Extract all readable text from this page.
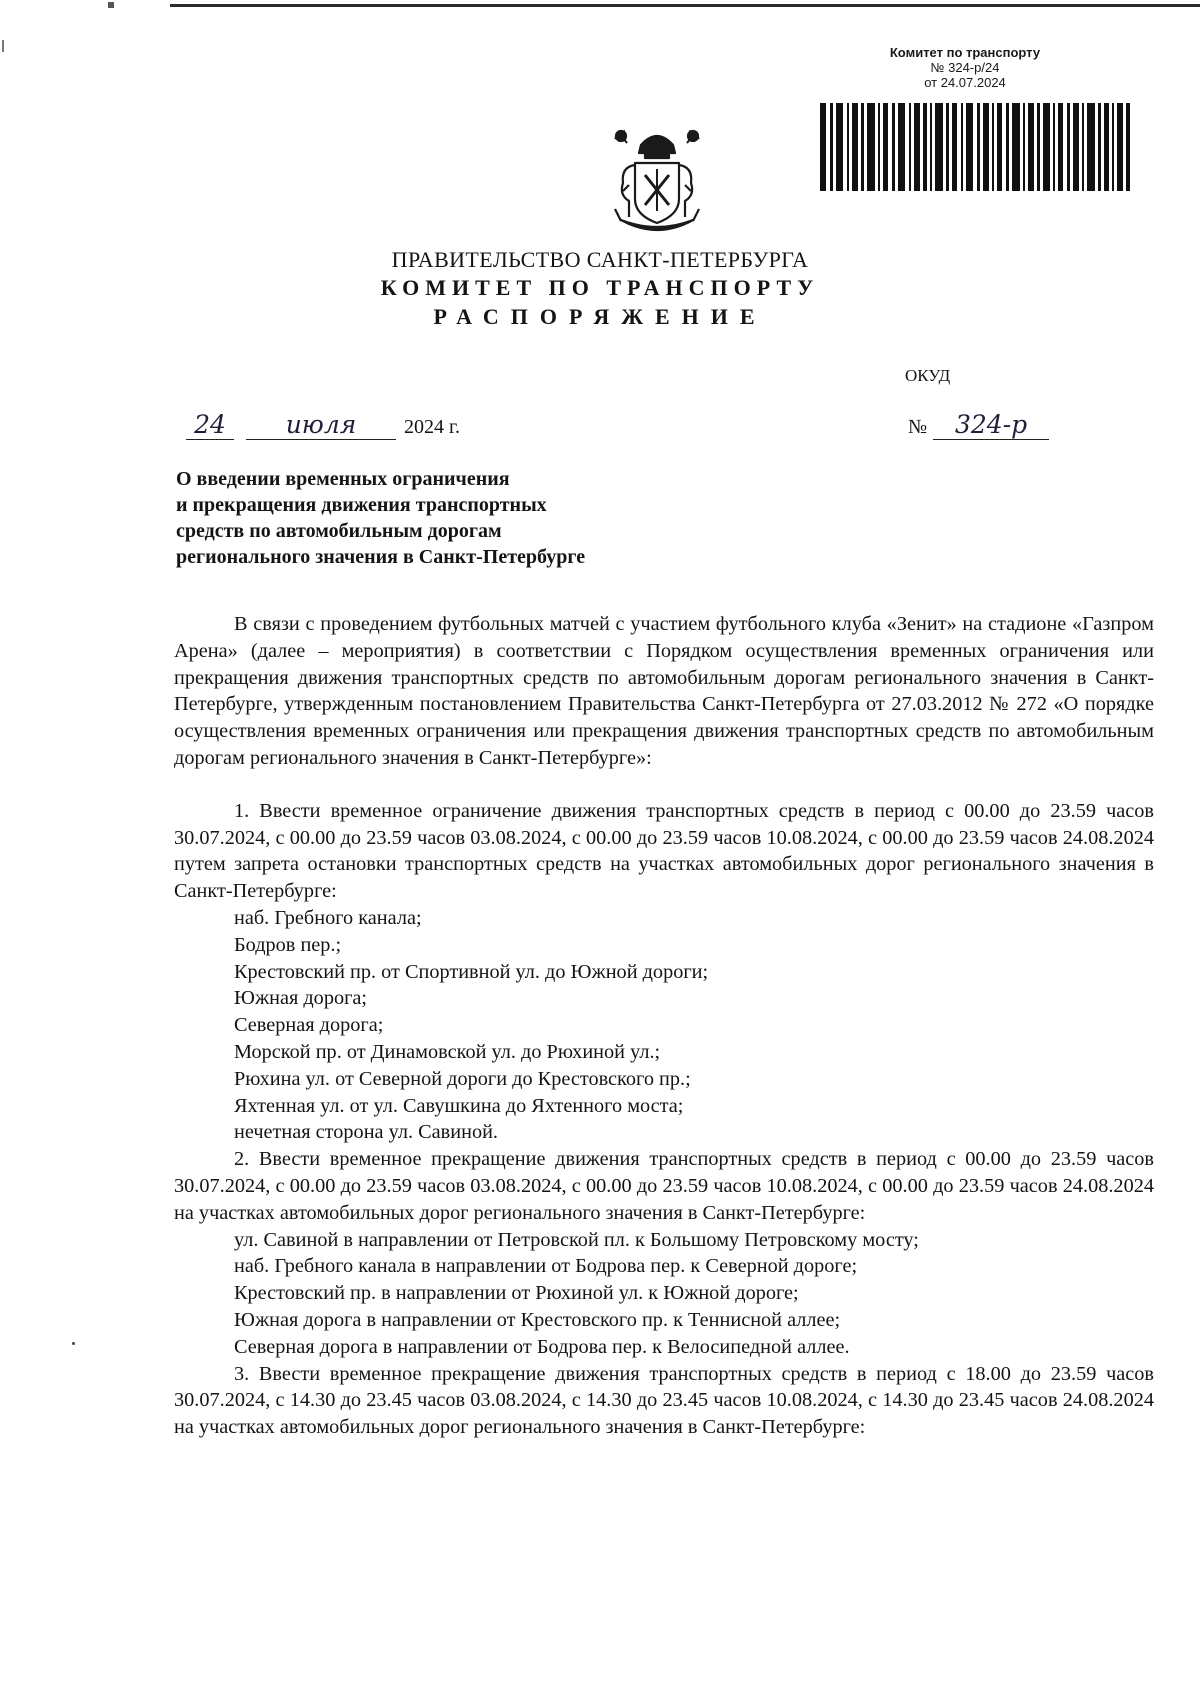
Комитет по транспорту
№ 324-р/24
от 24.07.2024
ПРАВИТЕЛЬСТВО САНКТ-ПЕТЕРБУРГА
КОМИТЕТ ПО ТРАНСПОРТУ
РАСПОРЯЖЕНИЕ
ОКУД
24 июля 2024 г.	№ 324-р
О введении временных ограничения
и прекращения движения транспортных
средств по автомобильным дорогам
регионального значения в Санкт-Петербурге

В связи с проведением футбольных матчей с участием футбольного клуба «Зенит» на стадионе «Газпром Арена» (далее – мероприятия) в соответствии с Порядком осуществления временных ограничения или прекращения движения транспортных средств по автомобильным дорогам регионального значения в Санкт-Петербурге, утвержденным постановлением Правительства Санкт-Петербурга от 27.03.2012 № 272 «О порядке осуществления временных ограничения или прекращения движения транспортных средств по автомобильным дорогам регионального значения в Санкт-Петербурге»:

1. Ввести временное ограничение движения транспортных средств в период с 00.00 до 23.59 часов 30.07.2024, с 00.00 до 23.59 часов 03.08.2024, с 00.00 до 23.59 часов 10.08.2024, с 00.00 до 23.59 часов 24.08.2024 путем запрета остановки транспортных средств на участках автомобильных дорог регионального значения в Санкт-Петербурге:

наб. Гребного канала;

Бодров пер.;

Крестовский пр. от Спортивной ул. до Южной дороги;

Южная дорога;

Северная дорога;

Морской пр. от Динамовской ул. до Рюхиной ул.;

Рюхина ул. от Северной дороги до Крестовского пр.;

Яхтенная ул. от ул. Савушкина до Яхтенного моста;

нечетная сторона ул. Савиной.

2. Ввести временное прекращение движения транспортных средств в период с 00.00 до 23.59 часов 30.07.2024, с 00.00 до 23.59 часов 03.08.2024, с 00.00 до 23.59 часов 10.08.2024, с 00.00 до 23.59 часов 24.08.2024 на участках автомобильных дорог регионального значения в Санкт-Петербурге:

ул. Савиной в направлении от Петровской пл. к Большому Петровскому мосту;

наб. Гребного канала в направлении от Бодрова пер. к Северной дороге;

Крестовский пр. в направлении от Рюхиной ул. к Южной дороге;

Южная дорога в направлении от Крестовского пр. к Теннисной аллее;

Северная дорога в направлении от Бодрова пер. к Велосипедной аллее.

3. Ввести временное прекращение движения транспортных средств в период с 18.00 до 23.59 часов 30.07.2024, с 14.30 до 23.45 часов 03.08.2024, с 14.30 до 23.45 часов 10.08.2024, с 14.30 до 23.45 часов 24.08.2024 на участках автомобильных дорог регионального значения в Санкт-Петербурге:
